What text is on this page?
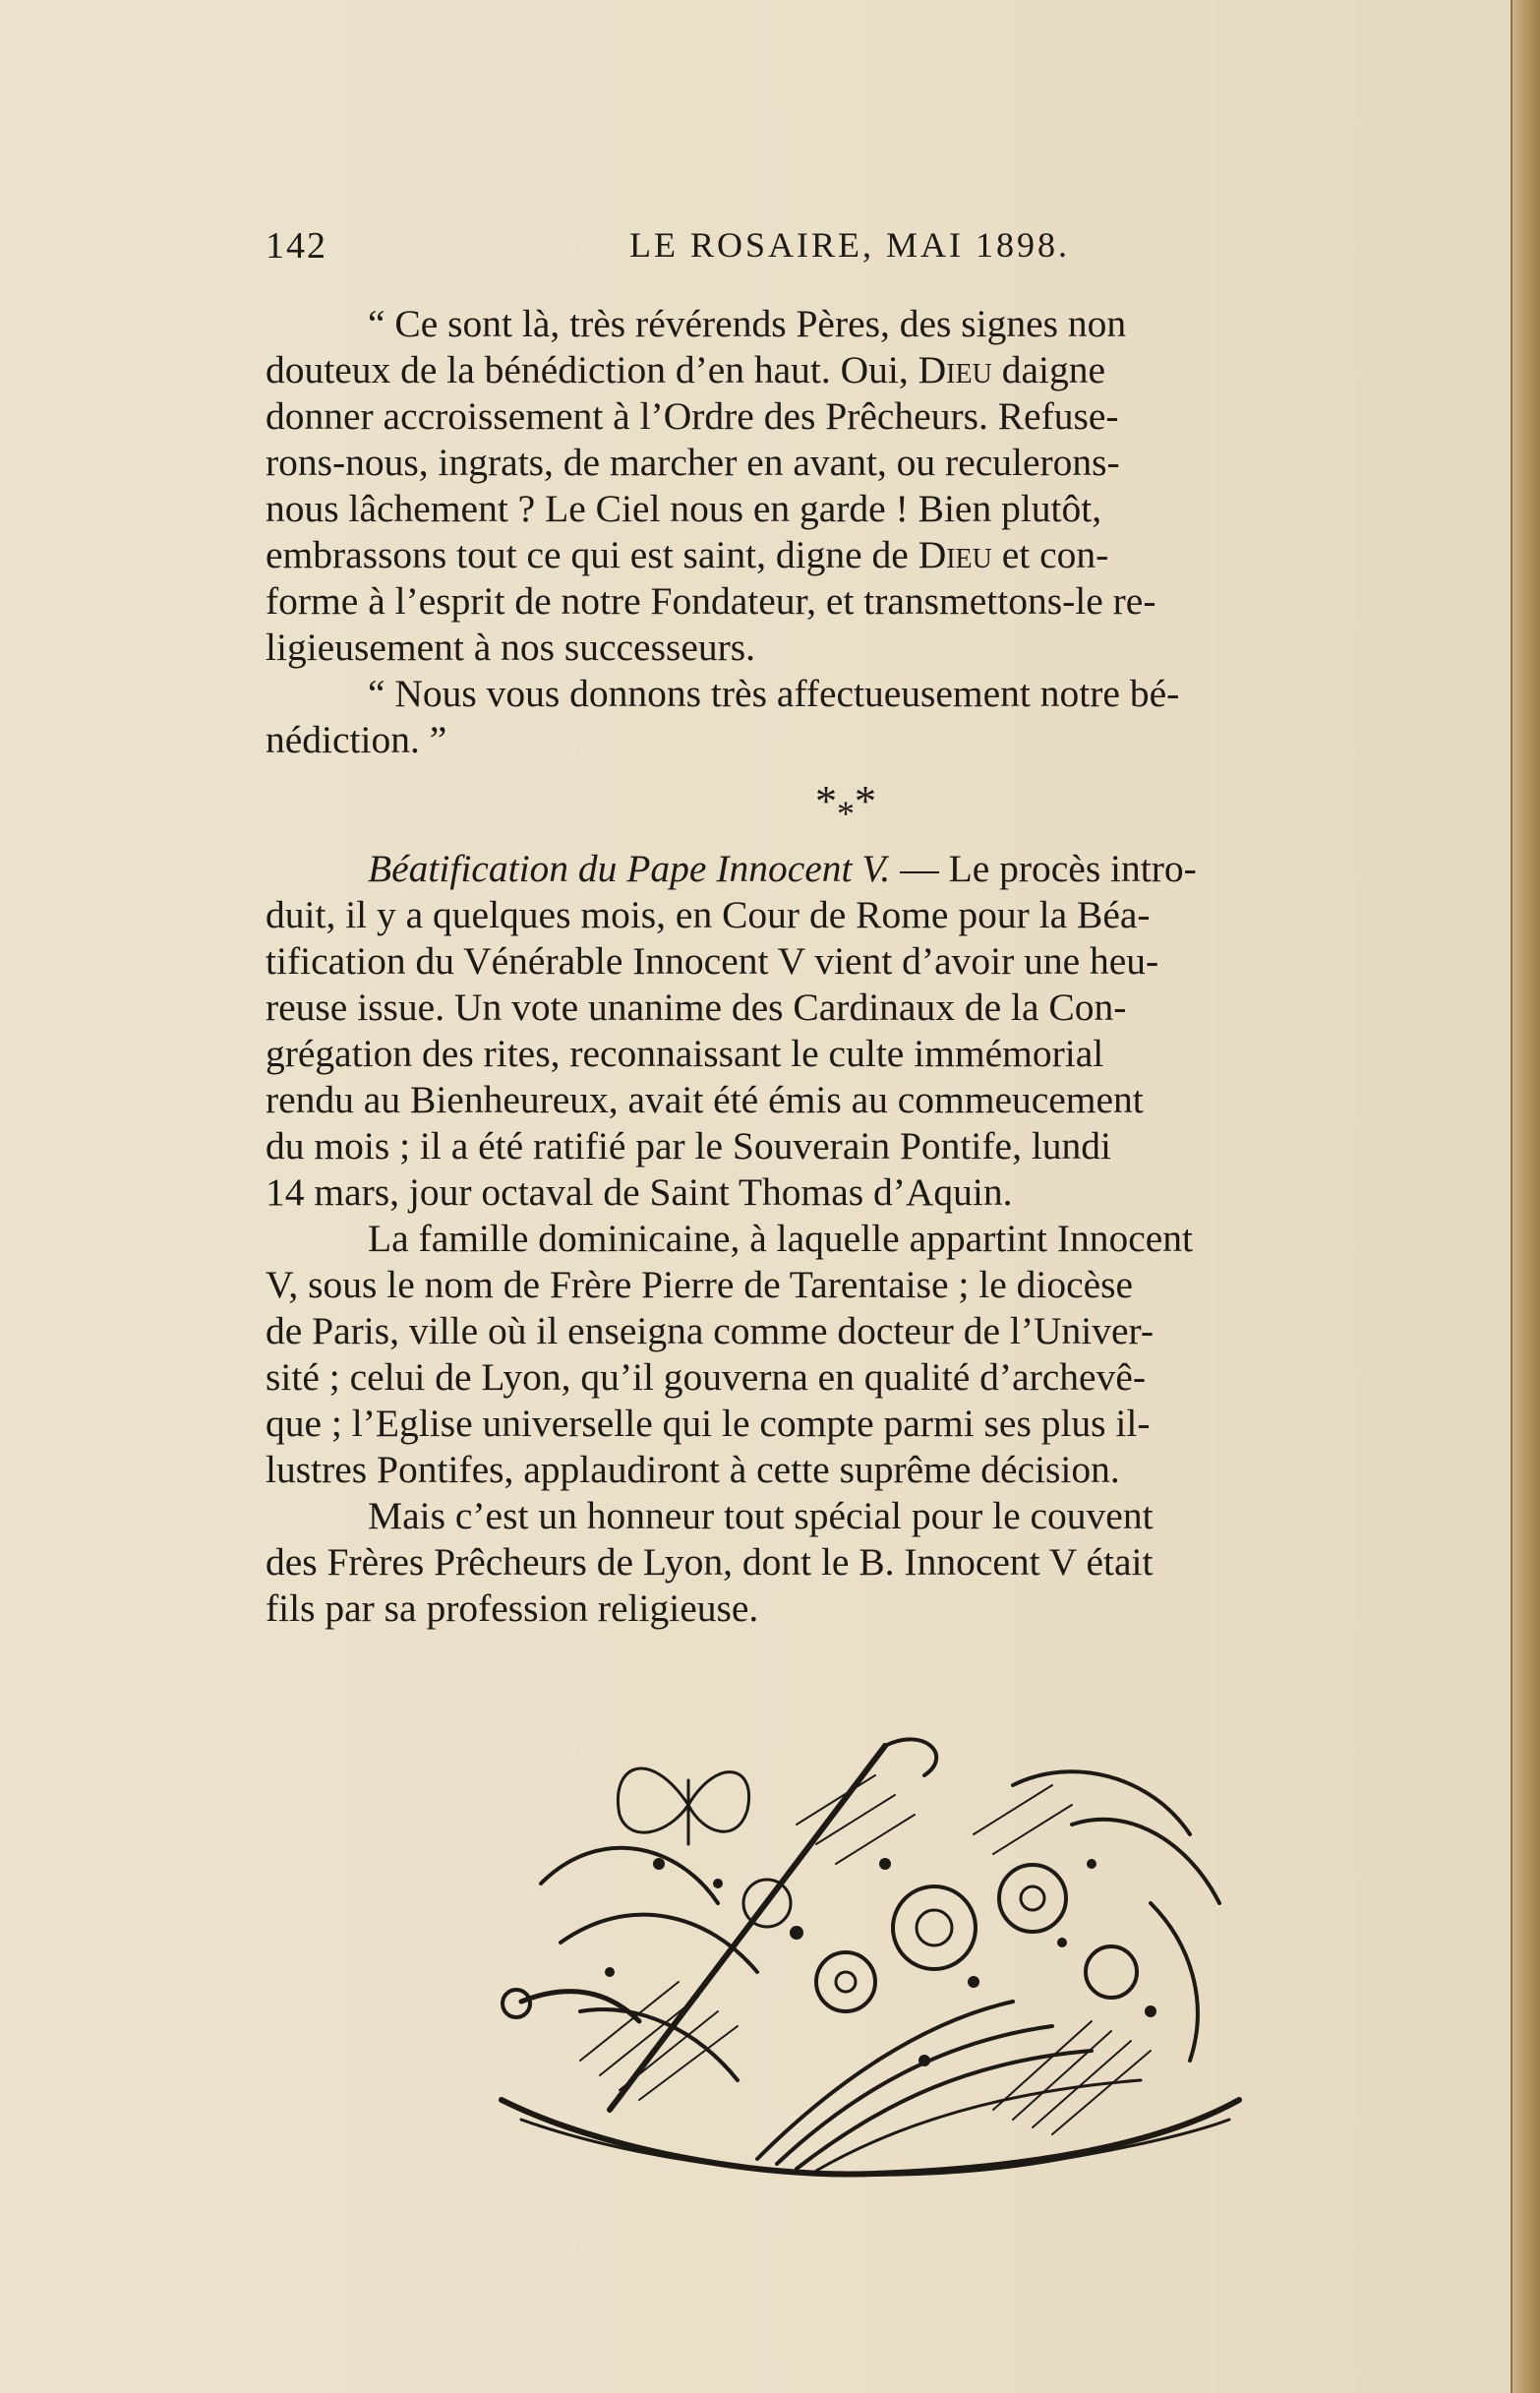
142	LE ROSAIRE, MAI 1898.
“ Ce sont là, très révérends Pères, des signes non
douteux de la bénédiction d’en haut. Oui, Dieu daigne
donner accroissement à l’Ordre des Prêcheurs. Refuse-
rons-nous, ingrats, de marcher en avant, ou reculerons-
nous lâchement ? Le Ciel nous en garde ! Bien plutôt,
embrassons tout ce qui est saint, digne de Dieu et con-
forme à l’esprit de notre Fondateur, et transmettons-le re-
ligieusement à nos successeurs.
“ Nous vous donnons très affectueusement notre bé-
nédiction. ”
$*_**$
Béatification du Pape Innocent V. — Le procès intro-
duit, il y a quelques mois, en Cour de Rome pour la Béa-
tification du Vénérable Innocent V vient d’avoir une heu-
reuse issue. Un vote unanime des Cardinaux de la Con-
grégation des rites, reconnaissant le culte immémorial
rendu au Bienheureux, avait été émis au commeucement
du mois ; il a été ratifié par le Souverain Pontife, lundi
14 mars, jour octaval de Saint Thomas d’Aquin.
La famille dominicaine, à laquelle appartint Innocent
V, sous le nom de Frère Pierre de Tarentaise ; le diocèse
de Paris, ville où il enseigna comme docteur de l’Univer-
sité ; celui de Lyon, qu’il gouverna en qualité d’archevê-
que ; l’Eglise universelle qui le compte parmi ses plus il-
lustres Pontifes, applaudiront à cette suprême décision.
Mais c’est un honneur tout spécial pour le couvent
des Frères Prêcheurs de Lyon, dont le B. Innocent V était
fils par sa profession religieuse.
